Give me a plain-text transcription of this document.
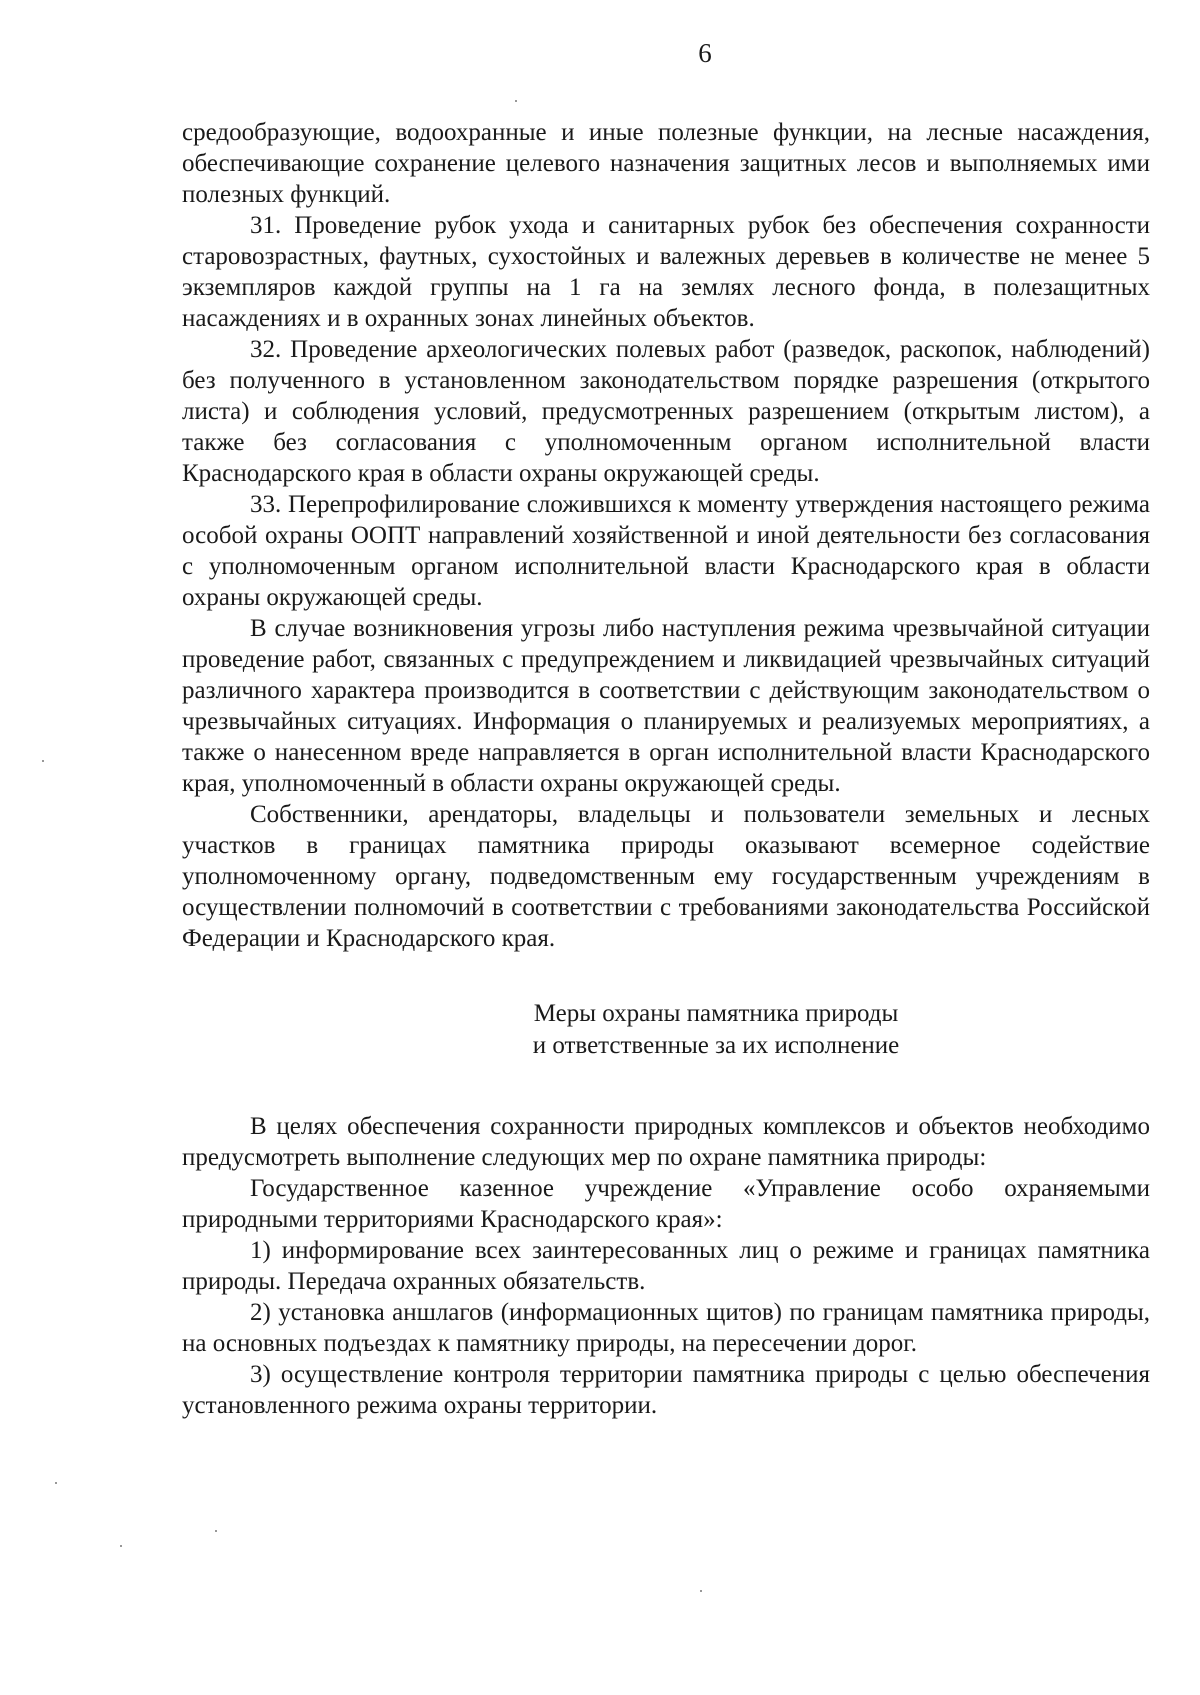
6

средообразующие, водоохранные и иные полезные функции, на лесные насаждения, обеспечивающие сохранение целевого назначения защитных лесов и выполняемых ими полезных функций.

31. Проведение рубок ухода и санитарных рубок без обеспечения сохранности старовозрастных, фаутных, сухостойных и валежных деревьев в количестве не менее 5 экземпляров каждой группы на 1 га на землях лесного фонда, в полезащитных насаждениях и в охранных зонах линейных объектов.

32. Проведение археологических полевых работ (разведок, раскопок, наблюдений) без полученного в установленном законодательством порядке разрешения (открытого листа) и соблюдения условий, предусмотренных разрешением (открытым листом), а также без согласования с уполномоченным органом исполнительной власти Краснодарского края в области охраны окружающей среды.

33. Перепрофилирование сложившихся к моменту утверждения настоящего режима особой охраны ООПТ направлений хозяйственной и иной деятельности без согласования с уполномоченным органом исполнительной власти Краснодарского края в области охраны окружающей среды.

В случае возникновения угрозы либо наступления режима чрезвычайной ситуации проведение работ, связанных с предупреждением и ликвидацией чрезвычайных ситуаций различного характера производится в соответствии с действующим законодательством о чрезвычайных ситуациях. Информация о планируемых и реализуемых мероприятиях, а также о нанесенном вреде направляется в орган исполнительной власти Краснодарского края, уполномоченный в области охраны окружающей среды.

Собственники, арендаторы, владельцы и пользователи земельных и лесных участков в границах памятника природы оказывают всемерное содействие уполномоченному органу, подведомственным ему государственным учреждениям в осуществлении полномочий в соответствии с требованиями законодательства Российской Федерации и Краснодарского края.

Меры охраны памятника природы
и ответственные за их исполнение

В целях обеспечения сохранности природных комплексов и объектов необходимо предусмотреть выполнение следующих мер по охране памятника природы:

Государственное казенное учреждение «Управление особо охраняемыми природными территориями Краснодарского края»:

1) информирование всех заинтересованных лиц о режиме и границах памятника природы. Передача охранных обязательств.

2) установка аншлагов (информационных щитов) по границам памятника природы, на основных подъездах к памятнику природы, на пересечении дорог.

3) осуществление контроля территории памятника природы с целью обеспечения установленного режима охраны территории.
